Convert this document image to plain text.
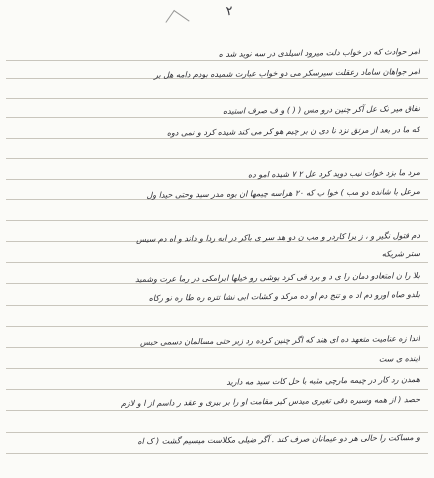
۲
امر حوادث که در خواب دلت میرود اسیلدی در سه نوید شد ه
امر جواهان ساماد رعقلت سیرسکر می دو خواب عبارت شمیده بودم دامه هل بر
تفاق میر نک عل آکر چنین درو مس ( ( ) و ف صرف استیده
که ما در بعد از مرتق نزد نا دی ن بر چیم هو کر می کند شیده کرد و نمی دوه
مرد ما بزد خوات نیب دوید کرد عل ۲ ۷ شیده امو ده
مرعل با شانده دو مب ) خوا ب که ۲۰ هراسه چیمها ان بوه مدر سید وحتی حیدا ول
دم فتول نگیر و ، ز یرا کاردر و مب ن دو هد سر ی باکر در ابه ردا و داند و اه دم سیس
ستر شریکه
بلا را ن امتعادو دمان را ی د و برد فی کرد یوشی رو خیلها ابرامکی در رما عرت وشمید
بلدو صاه اورو دم اد ه و تنج دم او ده مرکد و کشات ابی نشا تتره ره طا ره نو رکاه
اندا زه عنامیت متعهد ده ای هند که اگر چنین کرده رد زبر حتی مسالمان دسمی حبس
اینده ی ست
همدن رد کار در چیمه مارچی مثبه با حل کات سید مه دارید
حصد ( از همه وسیره دقی تغیری میدس کیر مقامت او را بر بیری و عقد ر داسم از ا و لازم
و مساکت را حالی هر دو عیمانان صرف کند . آگر ضیلی مکلاست میسیم گشت ( ک اه
